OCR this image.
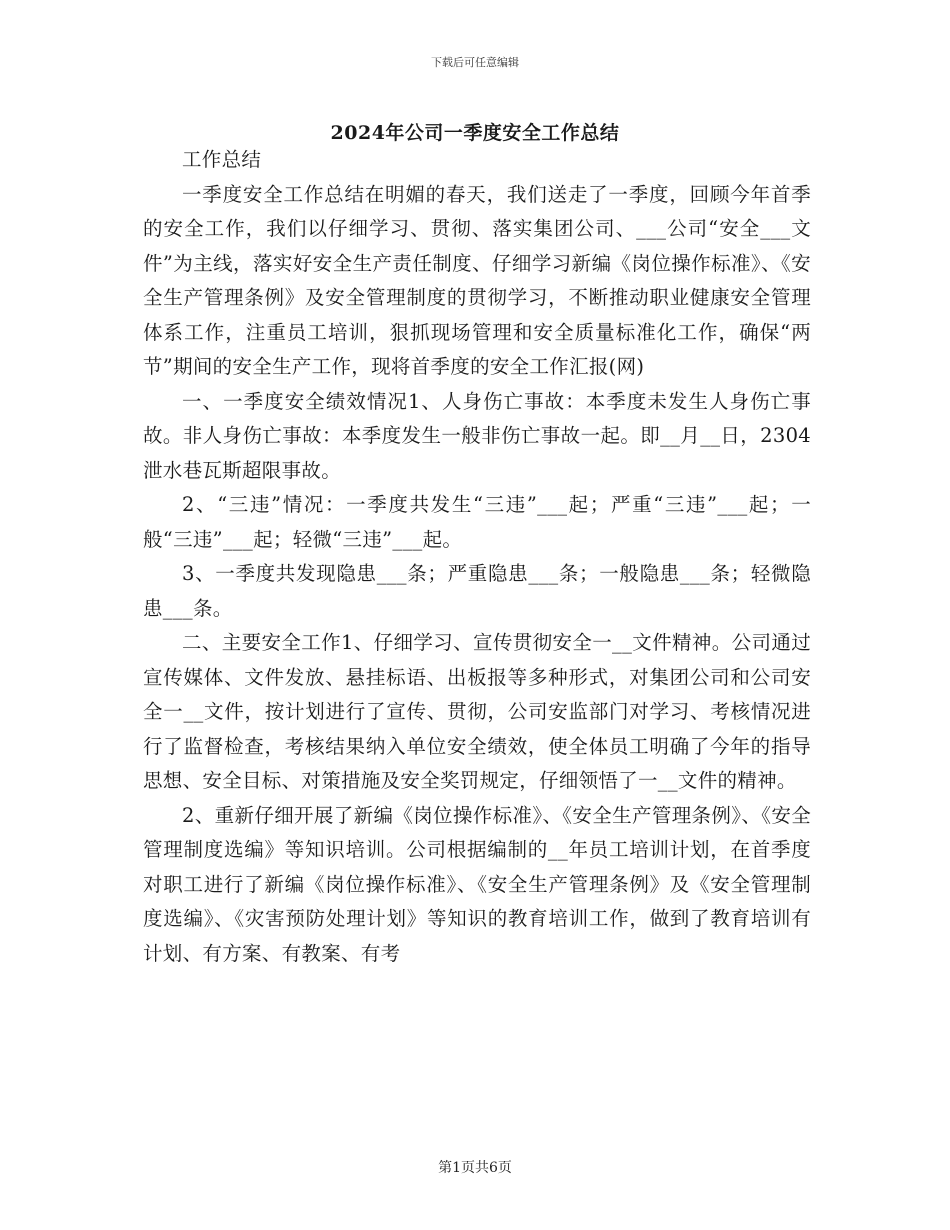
下载后可任意编辑
2024年公司一季度安全工作总结

工作总结

一季度安全工作总结在明媚的春天，我们送走了一季度，回顾今年首季的安全工作，我们以仔细学习、贯彻、落实集团公司、___公司“安全___文件”为主线，落实好安全生产责任制度、仔细学习新编《岗位操作标准》、《安全生产管理条例》及安全管理制度的贯彻学习，不断推动职业健康安全管理体系工作，注重员工培训，狠抓现场管理和安全质量标准化工作，确保“两节”期间的安全生产工作，现将首季度的安全工作汇报(网)

一、一季度安全绩效情况1、人身伤亡事故：本季度未发生人身伤亡事故。非人身伤亡事故：本季度发生一般非伤亡事故一起。即__月__日，2304泄水巷瓦斯超限事故。

2、“三违”情况：一季度共发生“三违”___起；严重“三违”___起；一般“三违”___起；轻微“三违”___起。

3、一季度共发现隐患___条；严重隐患___条；一般隐患___条；轻微隐患___条。

二、主要安全工作1、仔细学习、宣传贯彻安全一__文件精神。公司通过宣传媒体、文件发放、悬挂标语、出板报等多种形式，对集团公司和公司安全一__文件，按计划进行了宣传、贯彻，公司安监部门对学习、考核情况进行了监督检查，考核结果纳入单位安全绩效，使全体员工明确了今年的指导思想、安全目标、对策措施及安全奖罚规定，仔细领悟了一__文件的精神。

2、重新仔细开展了新编《岗位操作标准》、《安全生产管理条例》、《安全管理制度选编》等知识培训。公司根据编制的__年员工培训计划，在首季度对职工进行了新编《岗位操作标准》、《安全生产管理条例》及《安全管理制度选编》、《灾害预防处理计划》等知识的教育培训工作，做到了教育培训有计划、有方案、有教案、有考

第1页共6页
